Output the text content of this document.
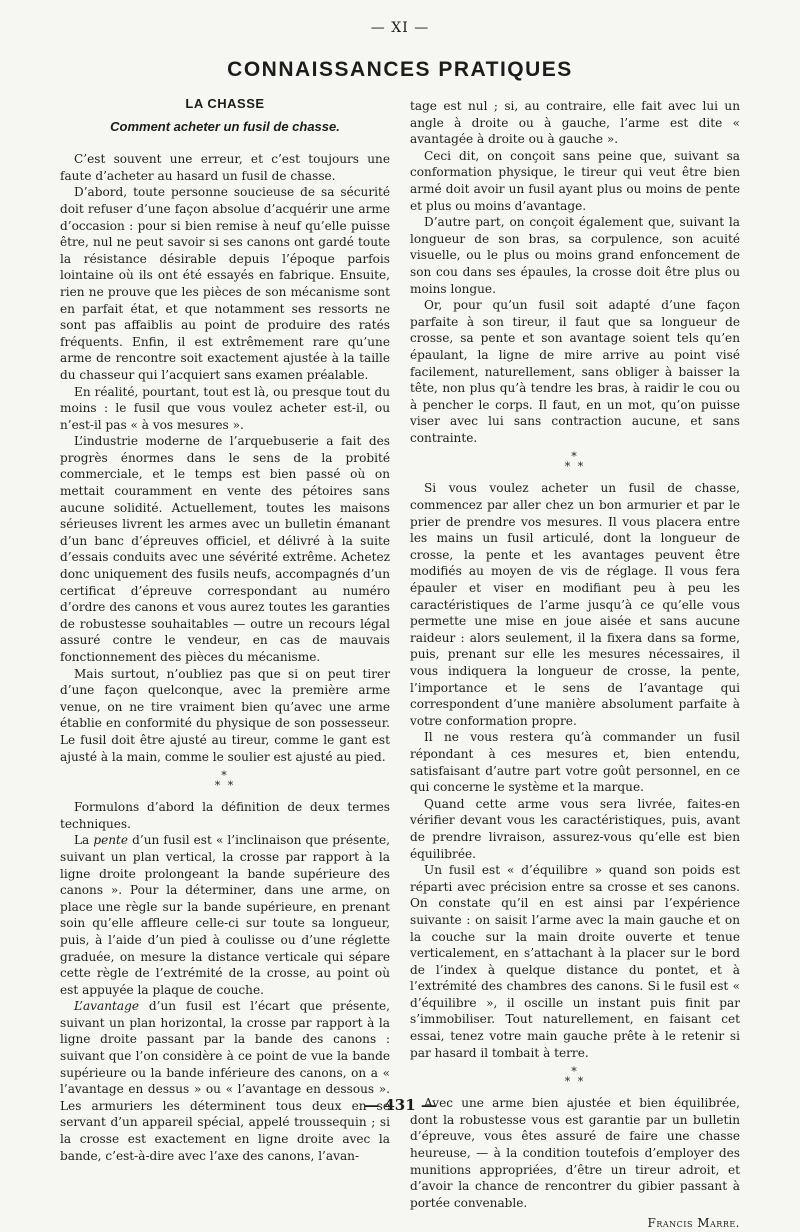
— XI —
CONNAISSANCES PRATIQUES
LA CHASSE
Comment acheter un fusil de chasse.

C’est souvent une erreur, et c’est toujours une faute d’acheter au hasard un fusil de chasse.

D’abord, toute personne soucieuse de sa sécurité doit refuser d’une façon absolue d’acquérir une arme d’occasion : pour si bien remise à neuf qu’elle puisse être, nul ne peut savoir si ses canons ont gardé toute la résistance désirable depuis l’époque parfois lointaine où ils ont été essayés en fabrique. Ensuite, rien ne prouve que les pièces de son mécanisme sont en parfait état, et que notamment ses ressorts ne sont pas affaiblis au point de produire des ratés fréquents. Enfin, il est extrêmement rare qu’une arme de rencontre soit exactement ajustée à la taille du chasseur qui l’acquiert sans examen préalable.

En réalité, pourtant, tout est là, ou presque tout du moins : le fusil que vous voulez acheter est-il, ou n’est-il pas « à vos mesures ».

L’industrie moderne de l’arquebuserie a fait des progrès énormes dans le sens de la probité commerciale, et le temps est bien passé où on mettait couramment en vente des pétoires sans aucune solidité. Actuellement, toutes les maisons sérieuses livrent les armes avec un bulletin émanant d’un banc d’épreuves officiel, et délivré à la suite d’essais conduits avec une sévérité extrême. Achetez donc uniquement des fusils neufs, accompagnés d’un certificat d’épreuve correspondant au numéro d’ordre des canons et vous aurez toutes les garanties de robustesse souhaitables — outre un recours légal assuré contre le vendeur, en cas de mauvais fonctionnement des pièces du mécanisme.

Mais surtout, n’oubliez pas que si on peut tirer d’une façon quelconque, avec la première arme venue, on ne tire vraiment bien qu’avec une arme établie en conformité du physique de son possesseur. Le fusil doit être ajusté au tireur, comme le gant est ajusté à la main, comme le soulier est ajusté au pied.

*
* *

Formulons d’abord la définition de deux termes techniques.

La pente d’un fusil est « l’inclinaison que présente, suivant un plan vertical, la crosse par rapport à la ligne droite prolongeant la bande supérieure des canons ». Pour la déterminer, dans une arme, on place une règle sur la bande supérieure, en prenant soin qu’elle affleure celle-ci sur toute sa longueur, puis, à l’aide d’un pied à coulisse ou d’une réglette graduée, on mesure la distance verticale qui sépare cette règle de l’extrémité de la crosse, au point où est appuyée la plaque de couche.

L’avantage d’un fusil est l’écart que présente, suivant un plan horizontal, la crosse par rapport à la ligne droite passant par la bande des canons : suivant que l’on considère à ce point de vue la bande supérieure ou la bande inférieure des canons, on a « l’avantage en dessus » ou « l’avantage en dessous ». Les armuriers les déterminent tous deux en se servant d’un appareil spécial, appelé troussequin ; si la crosse est exactement en ligne droite avec la bande, c’est-à-dire avec l’axe des canons, l’avan-

tage est nul ; si, au contraire, elle fait avec lui un angle à droite ou à gauche, l’arme est dite « avantagée à droite ou à gauche ».

Ceci dit, on conçoit sans peine que, suivant sa conformation physique, le tireur qui veut être bien armé doit avoir un fusil ayant plus ou moins de pente et plus ou moins d’avantage.

D’autre part, on conçoit également que, suivant la longueur de son bras, sa corpulence, son acuité visuelle, ou le plus ou moins grand enfoncement de son cou dans ses épaules, la crosse doit être plus ou moins longue.

Or, pour qu’un fusil soit adapté d’une façon parfaite à son tireur, il faut que sa longueur de crosse, sa pente et son avantage soient tels qu’en épaulant, la ligne de mire arrive au point visé facilement, naturellement, sans obliger à baisser la tête, non plus qu’à tendre les bras, à raidir le cou ou à pencher le corps. Il faut, en un mot, qu’on puisse viser avec lui sans contraction aucune, et sans contrainte.

*
* *

Si vous voulez acheter un fusil de chasse, commencez par aller chez un bon armurier et par le prier de prendre vos mesures. Il vous placera entre les mains un fusil articulé, dont la longueur de crosse, la pente et les avantages peuvent être modifiés au moyen de vis de réglage. Il vous fera épauler et viser en modifiant peu à peu les caractéristiques de l’arme jusqu’à ce qu’elle vous permette une mise en joue aisée et sans aucune raideur : alors seulement, il la fixera dans sa forme, puis, prenant sur elle les mesures nécessaires, il vous indiquera la longueur de crosse, la pente, l’importance et le sens de l’avantage qui correspondent d’une manière absolument parfaite à votre conformation propre.

Il ne vous restera qu’à commander un fusil répondant à ces mesures et, bien entendu, satisfaisant d’autre part votre goût personnel, en ce qui concerne le système et la marque.

Quand cette arme vous sera livrée, faites-en vérifier devant vous les caractéristiques, puis, avant de prendre livraison, assurez-vous qu’elle est bien équilibrée.

Un fusil est « d’équilibre » quand son poids est réparti avec précision entre sa crosse et ses canons. On constate qu’il en est ainsi par l’expérience suivante : on saisit l’arme avec la main gauche et on la couche sur la main droite ouverte et tenue verticalement, en s’attachant à la placer sur le bord de l’index à quelque distance du pontet, et à l’extrémité des chambres des canons. Si le fusil est « d’équilibre », il oscille un instant puis finit par s’immobiliser. Tout naturellement, en faisant cet essai, tenez votre main gauche prête à le retenir si par hasard il tombait à terre.

*
* *

Avec une arme bien ajustée et bien équilibrée, dont la robustesse vous est garantie par un bulletin d’épreuve, vous êtes assuré de faire une chasse heureuse, — à la condition toutefois d’employer des munitions appropriées, d’être un tireur adroit, et d’avoir la chance de rencontrer du gibier passant à portée convenable.

Francis Marre.
— 431 —
